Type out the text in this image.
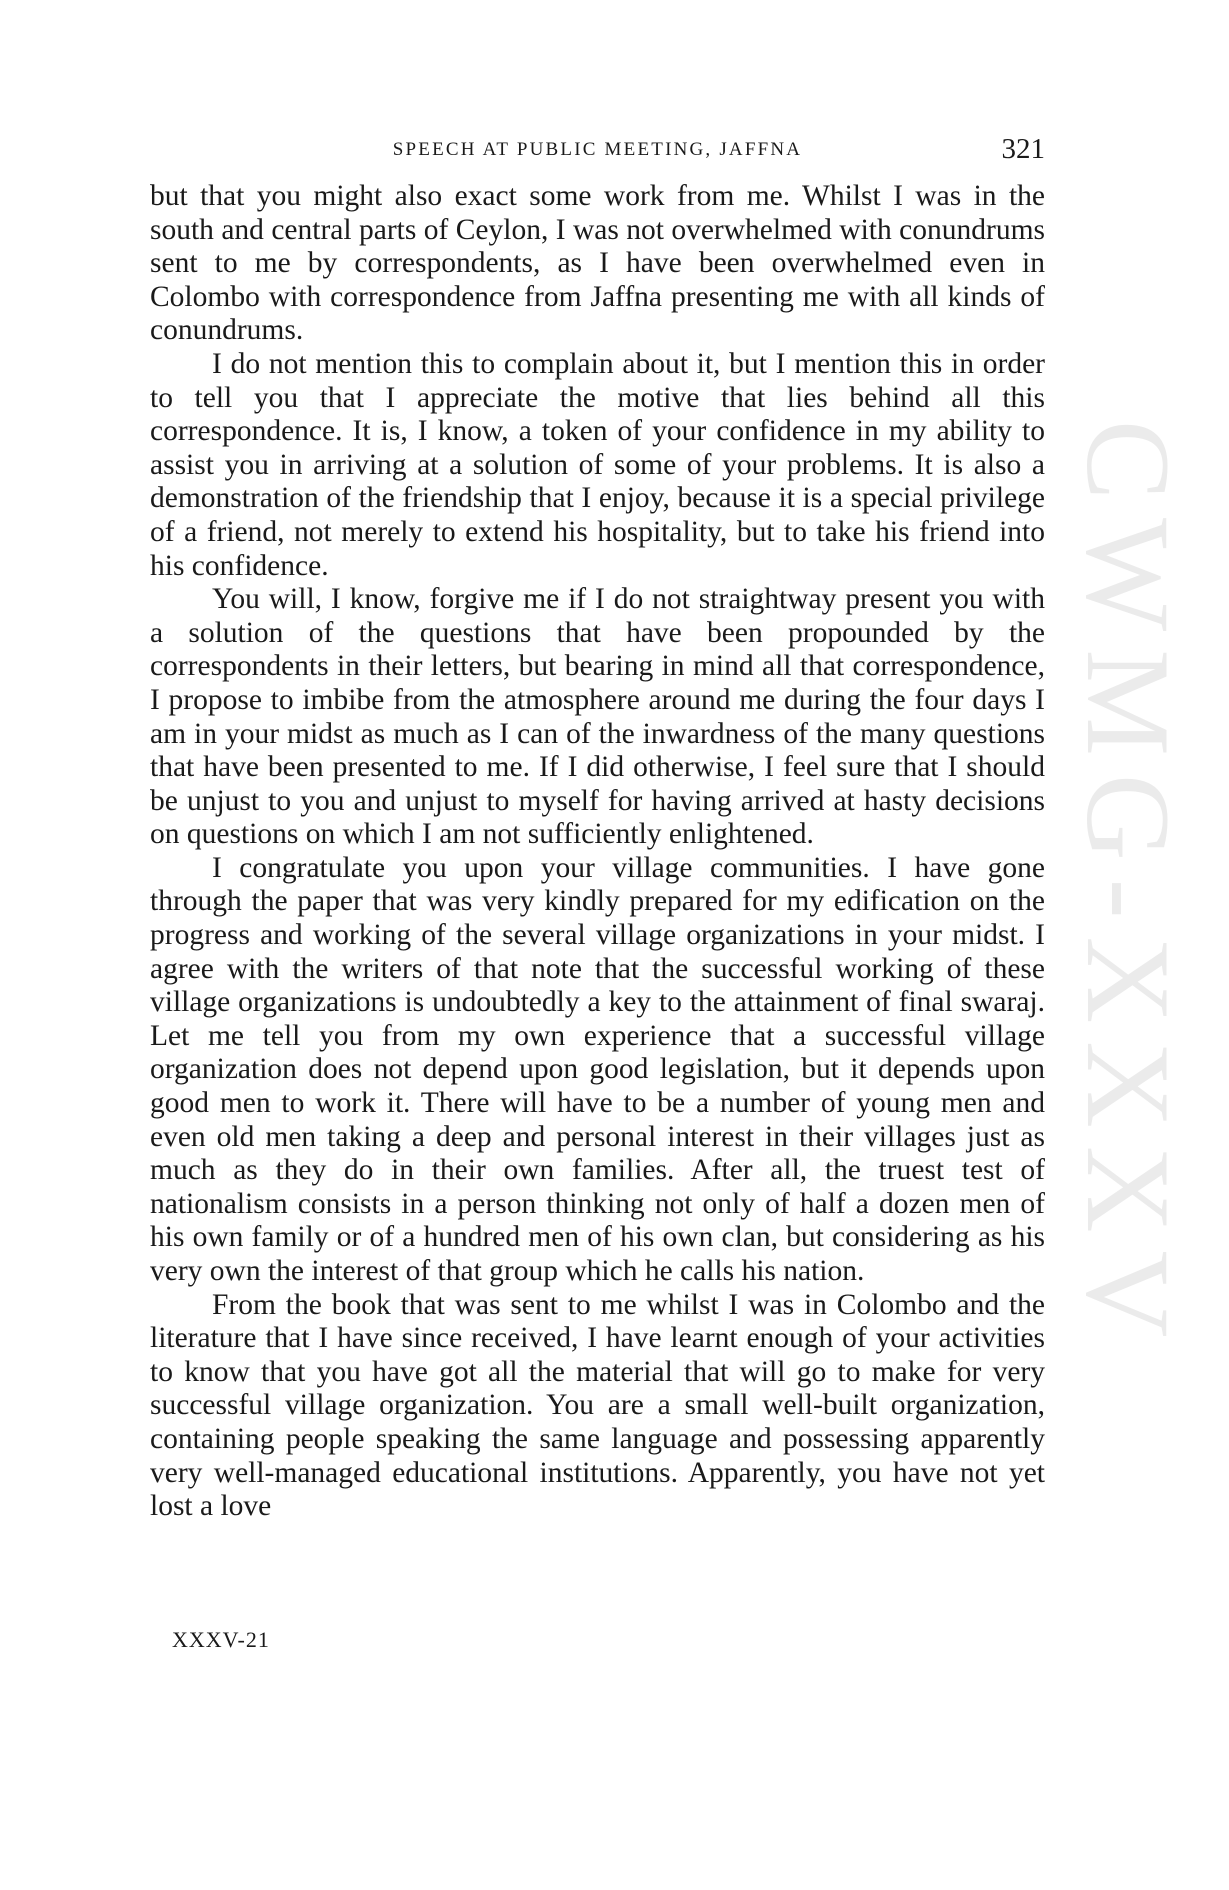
CWMG-XXXV
SPEECH AT PUBLIC MEETING, JAFFNA	321

but that you might also exact some work from me. Whilst I was in the south and central parts of Ceylon, I was not overwhelmed with conundrums sent to me by correspondents, as I have been overwhelmed even in Colombo with correspondence from Jaffna presenting me with all kinds of conundrums.

I do not mention this to complain about it, but I mention this in order to tell you that I appreciate the motive that lies behind all this correspondence. It is, I know, a token of your confidence in my ability to assist you in arriving at a solution of some of your problems. It is also a demonstration of the friendship that I enjoy, because it is a special privilege of a friend, not merely to extend his hospitality, but to take his friend into his confidence.

You will, I know, forgive me if I do not straightway present you with a solution of the questions that have been propounded by the correspondents in their letters, but bearing in mind all that correspondence, I propose to imbibe from the atmosphere around me during the four days I am in your midst as much as I can of the inwardness of the many questions that have been presented to me. If I did otherwise, I feel sure that I should be unjust to you and unjust to myself for having arrived at hasty decisions on questions on which I am not sufficiently enlightened.

I congratulate you upon your village communities. I have gone through the paper that was very kindly prepared for my edification on the progress and working of the several village organizations in your midst. I agree with the writers of that note that the successful working of these village organizations is undoubtedly a key to the attainment of final swaraj. Let me tell you from my own experience that a successful village organization does not depend upon good legislation, but it depends upon good men to work it. There will have to be a number of young men and even old men taking a deep and personal interest in their villages just as much as they do in their own families. After all, the truest test of nationalism consists in a person thinking not only of half a dozen men of his own family or of a hundred men of his own clan, but considering as his very own the interest of that group which he calls his nation.

From the book that was sent to me whilst I was in Colombo and the literature that I have since received, I have learnt enough of your activities to know that you have got all the material that will go to make for very successful village organization. You are a small well-built organization, containing people speaking the same language and possessing apparently very well-managed educational institutions. Apparently, you have not yet lost a love

XXXV-21
